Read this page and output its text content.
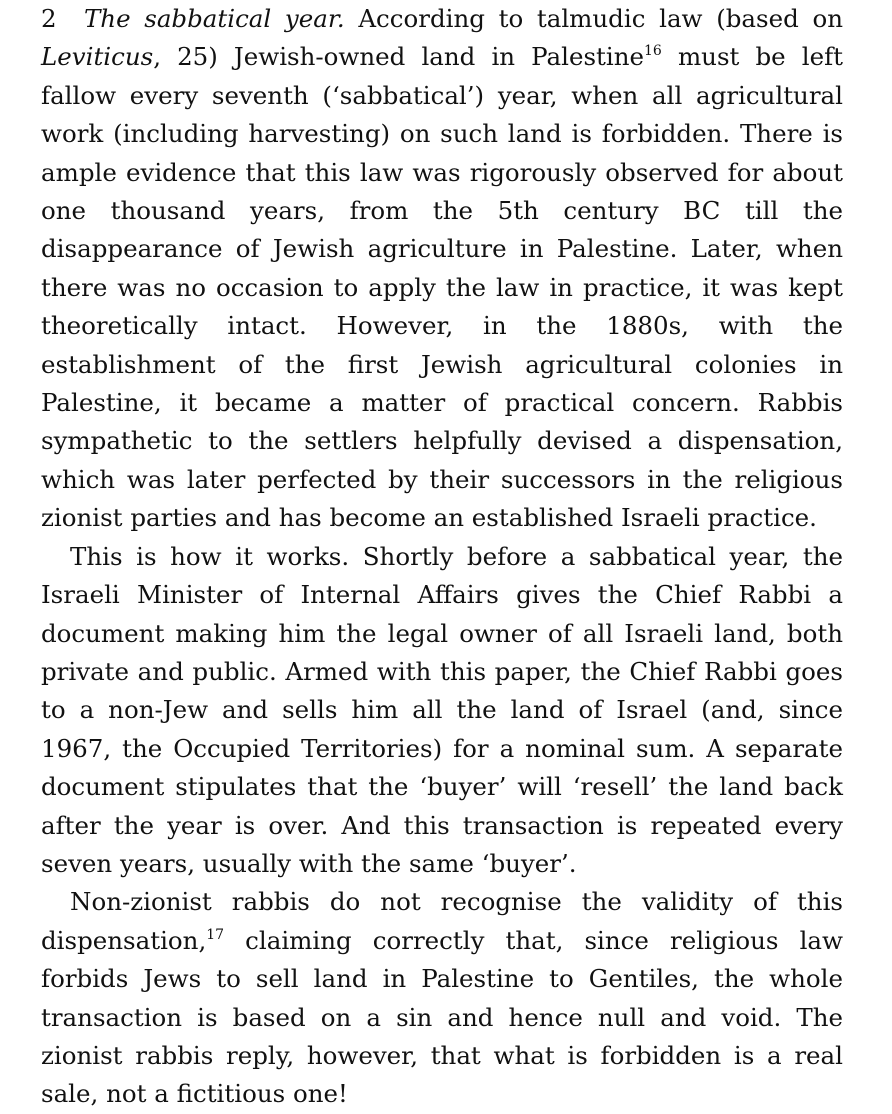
2 The sabbatical year. According to talmudic law (based on Leviticus, 25) Jewish-owned land in Palestine$^{16}$ must be left fallow every seventh (‘sabbatical’) year, when all agricultural work (including harvesting) on such land is forbidden. There is ample evidence that this law was rigorously observed for about one thousand years, from the 5th century BC till the disappearance of Jewish agriculture in Palestine. Later, when there was no occasion to apply the law in practice, it was kept theoretically intact. However, in the 1880s, with the establishment of the first Jewish agricultural colonies in Palestine, it became a matter of practical concern. Rabbis sympathetic to the settlers helpfully devised a dispensation, which was later perfected by their successors in the religious zionist parties and has become an established Israeli practice.

This is how it works. Shortly before a sabbatical year, the Israeli Minister of Internal Affairs gives the Chief Rabbi a document making him the legal owner of all Israeli land, both private and public. Armed with this paper, the Chief Rabbi goes to a non-Jew and sells him all the land of Israel (and, since 1967, the Occupied Territories) for a nominal sum. A separate document stipulates that the ‘buyer’ will ‘resell’ the land back after the year is over. And this transaction is repeated every seven years, usually with the same ‘buyer’.

Non-zionist rabbis do not recognise the validity of this dispensation,$^{17}$ claiming correctly that, since religious law forbids Jews to sell land in Palestine to Gentiles, the whole transaction is based on a sin and hence null and void. The zionist rabbis reply, however, that what is forbidden is a real sale, not a fictitious one!
